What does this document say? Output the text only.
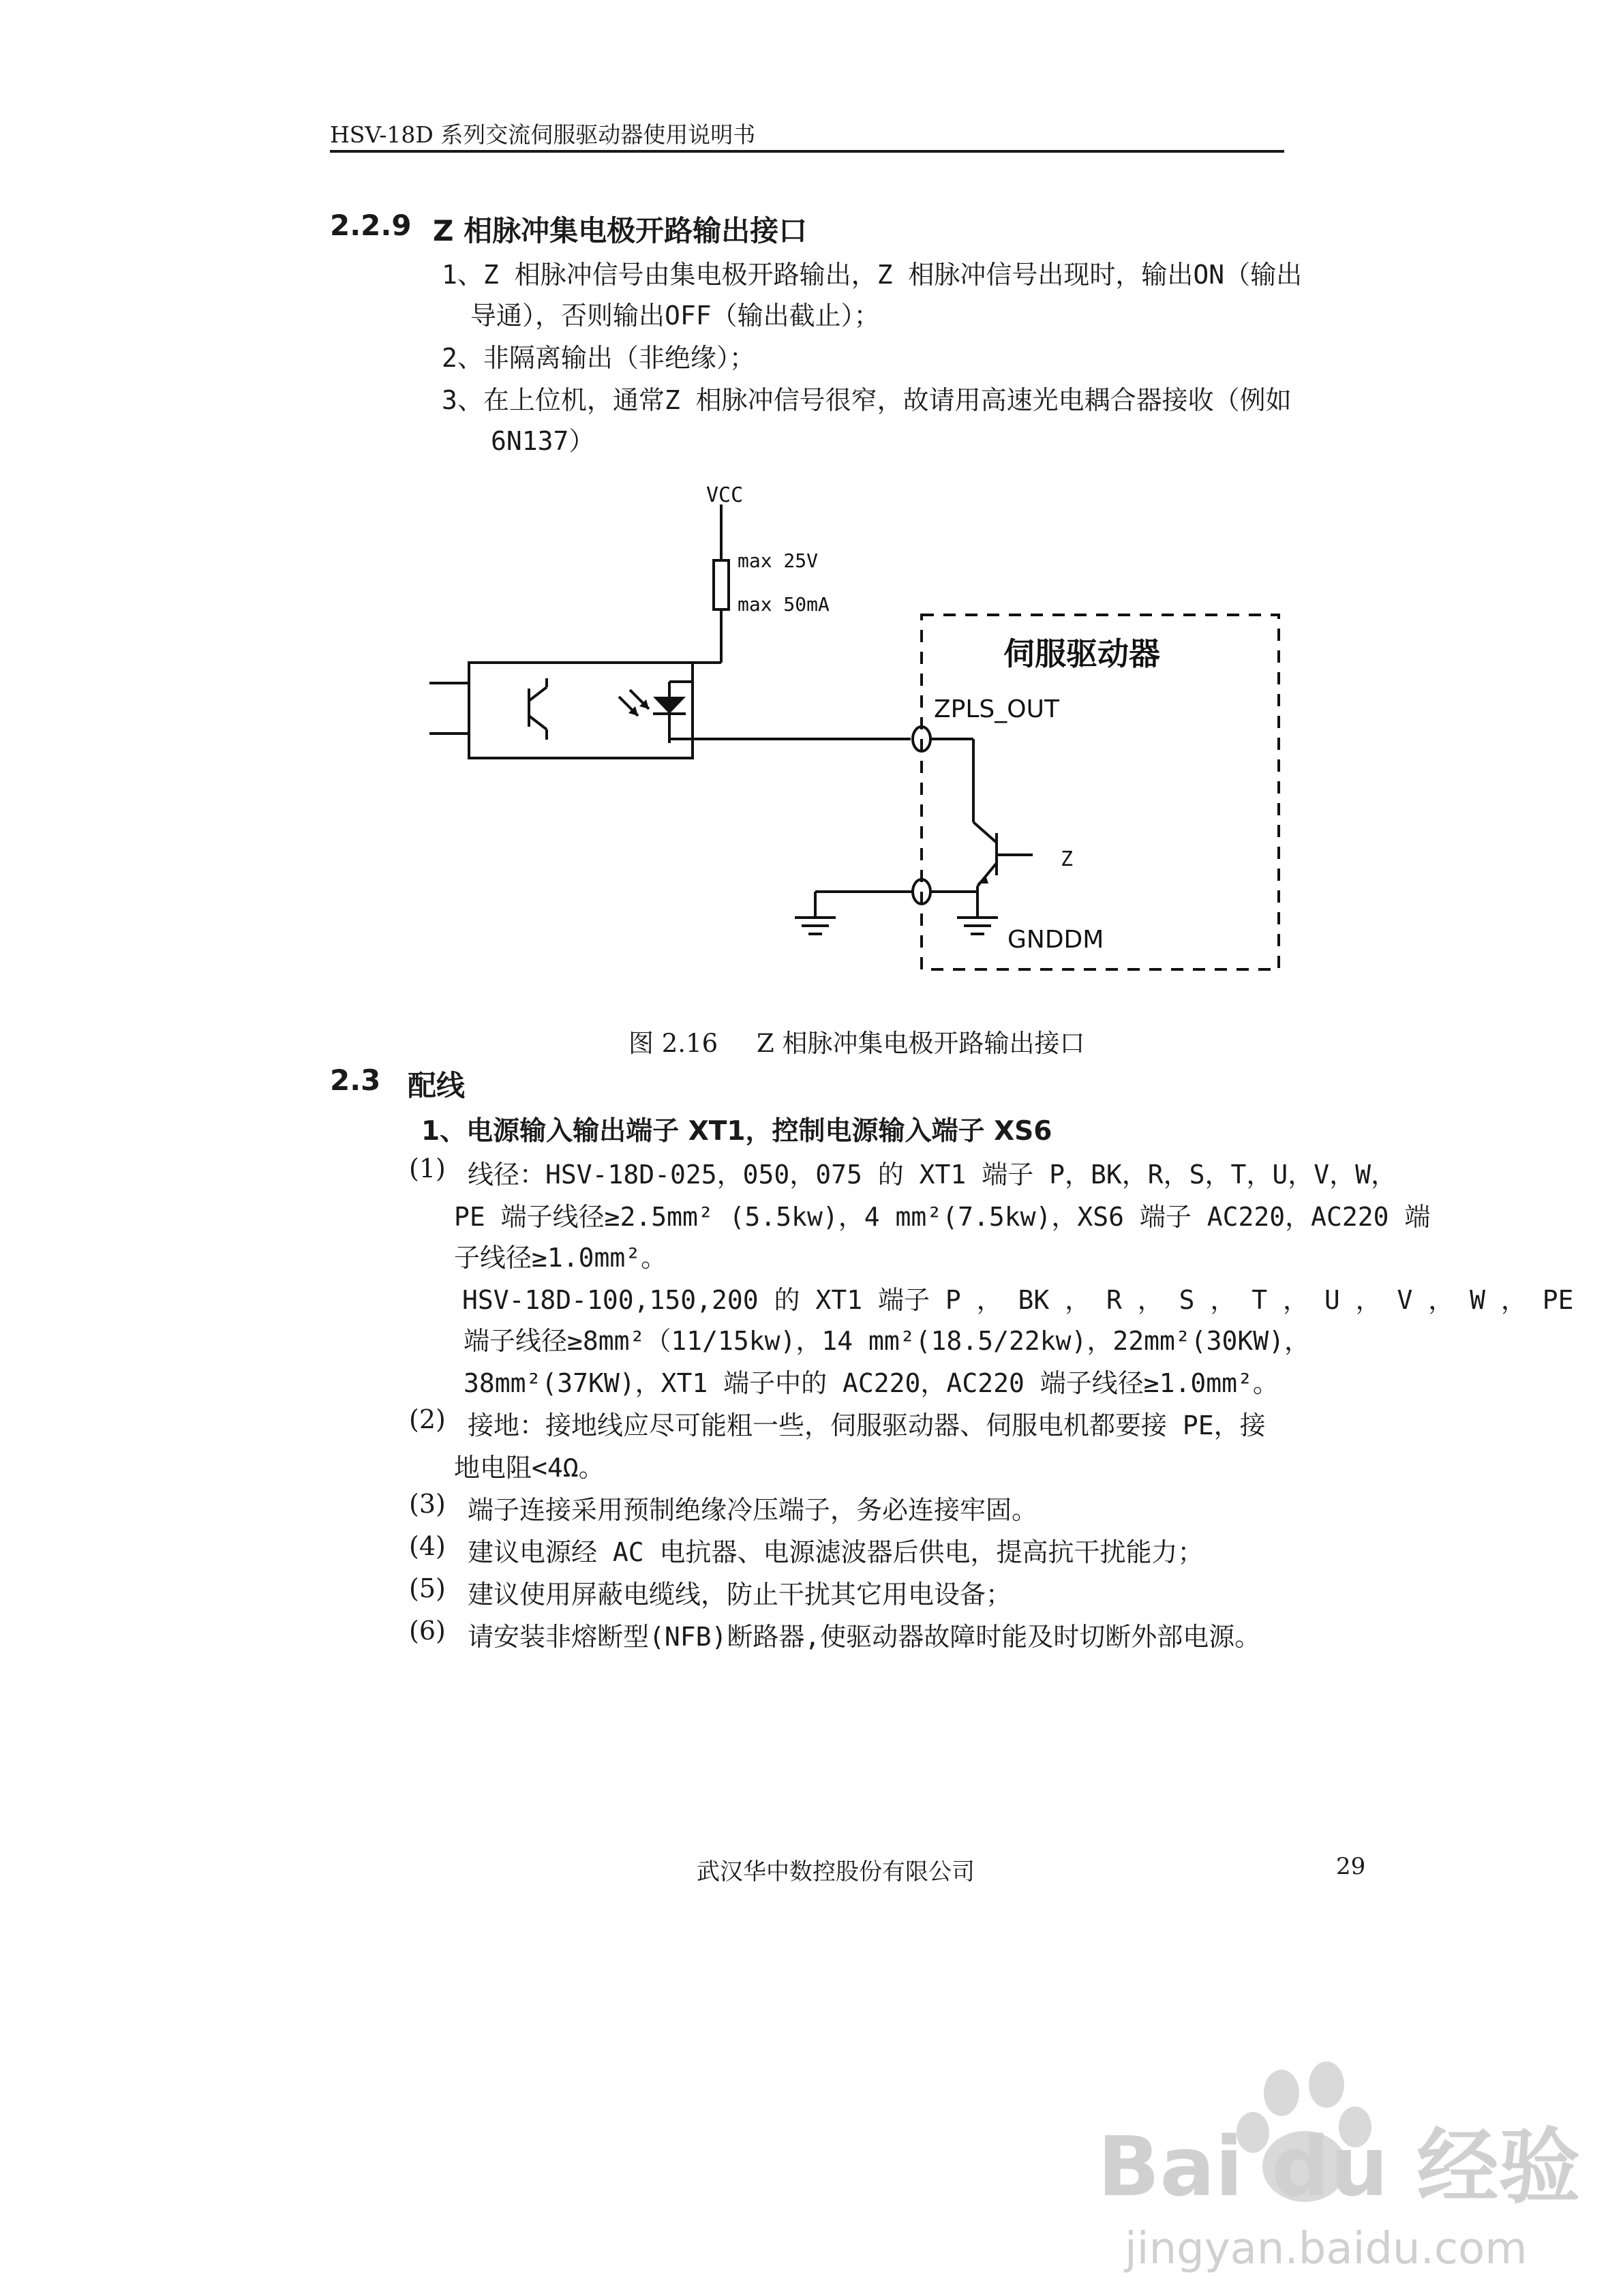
HSV-18D 系列交流伺服驱动器使用说明书
2.2.9 Z 相脉冲集电极开路输出接口
1、Z 相脉冲信号由集电极开路输出，Z 相脉冲信号出现时，输出ON（输出
导通），否则输出OFF（输出截止）；
2、非隔离输出（非绝缘）；
3、在上位机，通常Z 相脉冲信号很窄，故请用高速光电耦合器接收（例如
6N137）
VCC
max 25V
max 50mA
伺服驱动器
ZPLS_OUT
Z
GNDDM
图 2.16 Z 相脉冲集电极开路输出接口
2.3 配线
1、电源输入输出端子 XT1，控制电源输入端子 XS6
(1) 线径：HSV-18D-025，050，075 的 XT1 端子 P，BK，R，S，T，U，V，W，
PE 端子线径≥2.5mm² (5.5kw)，4 mm²(7.5kw)，XS6 端子 AC220，AC220 端
子线径≥1.0mm²。
HSV-18D-100,150,200 的 XT1 端子 P ， BK ， R ， S ， T ， U ， V ， W ， PE
端子线径≥8mm²（11/15kw)，14 mm²(18.5/22kw)，22mm²(30KW)，
38mm²(37KW)，XT1 端子中的 AC220，AC220 端子线径≥1.0mm²。
(2) 接地：接地线应尽可能粗一些，伺服驱动器、伺服电机都要接 PE，接
地电阻<4Ω。
(3) 端子连接采用预制绝缘冷压端子，务必连接牢固。
(4) 建议电源经 AC 电抗器、电源滤波器后供电，提高抗干扰能力；
(5) 建议使用屏蔽电缆线，防止干扰其它用电设备；
(6) 请安装非熔断型(NFB)断路器,使驱动器故障时能及时切断外部电源。
武汉华中数控股份有限公司	29
Bai du 经验
jingyan.baidu.com
